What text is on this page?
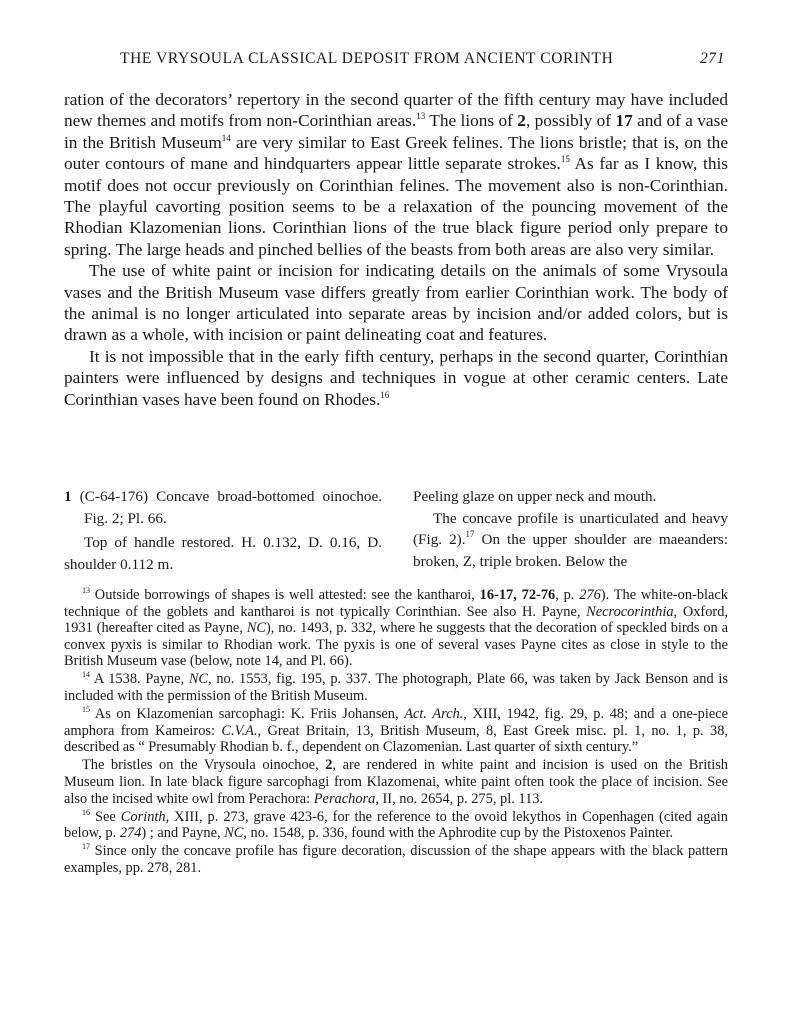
THE VRYSOULA CLASSICAL DEPOSIT FROM ANCIENT CORINTH	271

ration of the decorators’ repertory in the second quarter of the fifth century may have included new themes and motifs from non-Corinthian areas.$^{13}$ The lions of 2, possibly of 17 and of a vase in the British Museum$^{14}$ are very similar to East Greek felines. The lions bristle; that is, on the outer contours of mane and hindquarters appear little separate strokes.$^{15}$ As far as I know, this motif does not occur previously on Corinthian felines. The movement also is non-Corinthian. The playful cavorting position seems to be a relaxation of the pouncing movement of the Rhodian Klazomenian lions. Corinthian lions of the true black figure period only prepare to spring. The large heads and pinched bellies of the beasts from both areas are also very similar.

The use of white paint or incision for indicating details on the animals of some Vrysoula vases and the British Museum vase differs greatly from earlier Corinthian work. The body of the animal is no longer articulated into separate areas by incision and/or added colors, but is drawn as a whole, with incision or paint delineating coat and features.

It is not impossible that in the early fifth century, perhaps in the second quarter, Corinthian painters were influenced by designs and techniques in vogue at other ceramic centers. Late Corinthian vases have been found on Rhodes.$^{16}$

1 (C-64-176) Concave broad-bottomed oinochoe. Fig. 2; Pl. 66.
Top of handle restored. H. 0.132, D. 0.16, D. shoulder 0.112 m.

Peeling glaze on upper neck and mouth.

The concave profile is unarticulated and heavy (Fig. 2).$^{17}$ On the upper shoulder are maeanders: broken, Z, triple broken. Below the

$^{13}$ Outside borrowings of shapes is well attested: see the kantharoi, 16-17, 72-76, p. 276). The white-on-black technique of the goblets and kantharoi is not typically Corinthian. See also H. Payne, Necrocorinthia, Oxford, 1931 (hereafter cited as Payne, NC), no. 1493, p. 332, where he suggests that the decoration of speckled birds on a convex pyxis is similar to Rhodian work. The pyxis is one of several vases Payne cites as close in style to the British Museum vase (below, note 14, and Pl. 66).

$^{14}$ A 1538. Payne, NC, no. 1553, fig. 195, p. 337. The photograph, Plate 66, was taken by Jack Benson and is included with the permission of the British Museum.

$^{15}$ As on Klazomenian sarcophagi: K. Friis Johansen, Act. Arch., XIII, 1942, fig. 29, p. 48; and a one-piece amphora from Kameiros: C.V.A., Great Britain, 13, British Museum, 8, East Greek misc. pl. 1, no. 1, p. 38, described as “ Presumably Rhodian b. f., dependent on Clazomenian. Last quarter of sixth century.”

The bristles on the Vrysoula oinochoe, 2, are rendered in white paint and incision is used on the British Museum lion. In late black figure sarcophagi from Klazomenai, white paint often took the place of incision. See also the incised white owl from Perachora: Perachora, II, no. 2654, p. 275, pl. 113.

$^{16}$ See Corinth, XIII, p. 273, grave 423-6, for the reference to the ovoid lekythos in Copenhagen (cited again below, p. 274) ; and Payne, NC, no. 1548, p. 336, found with the Aphrodite cup by the Pistoxenos Painter.

$^{17}$ Since only the concave profile has figure decoration, discussion of the shape appears with the black pattern examples, pp. 278, 281.
